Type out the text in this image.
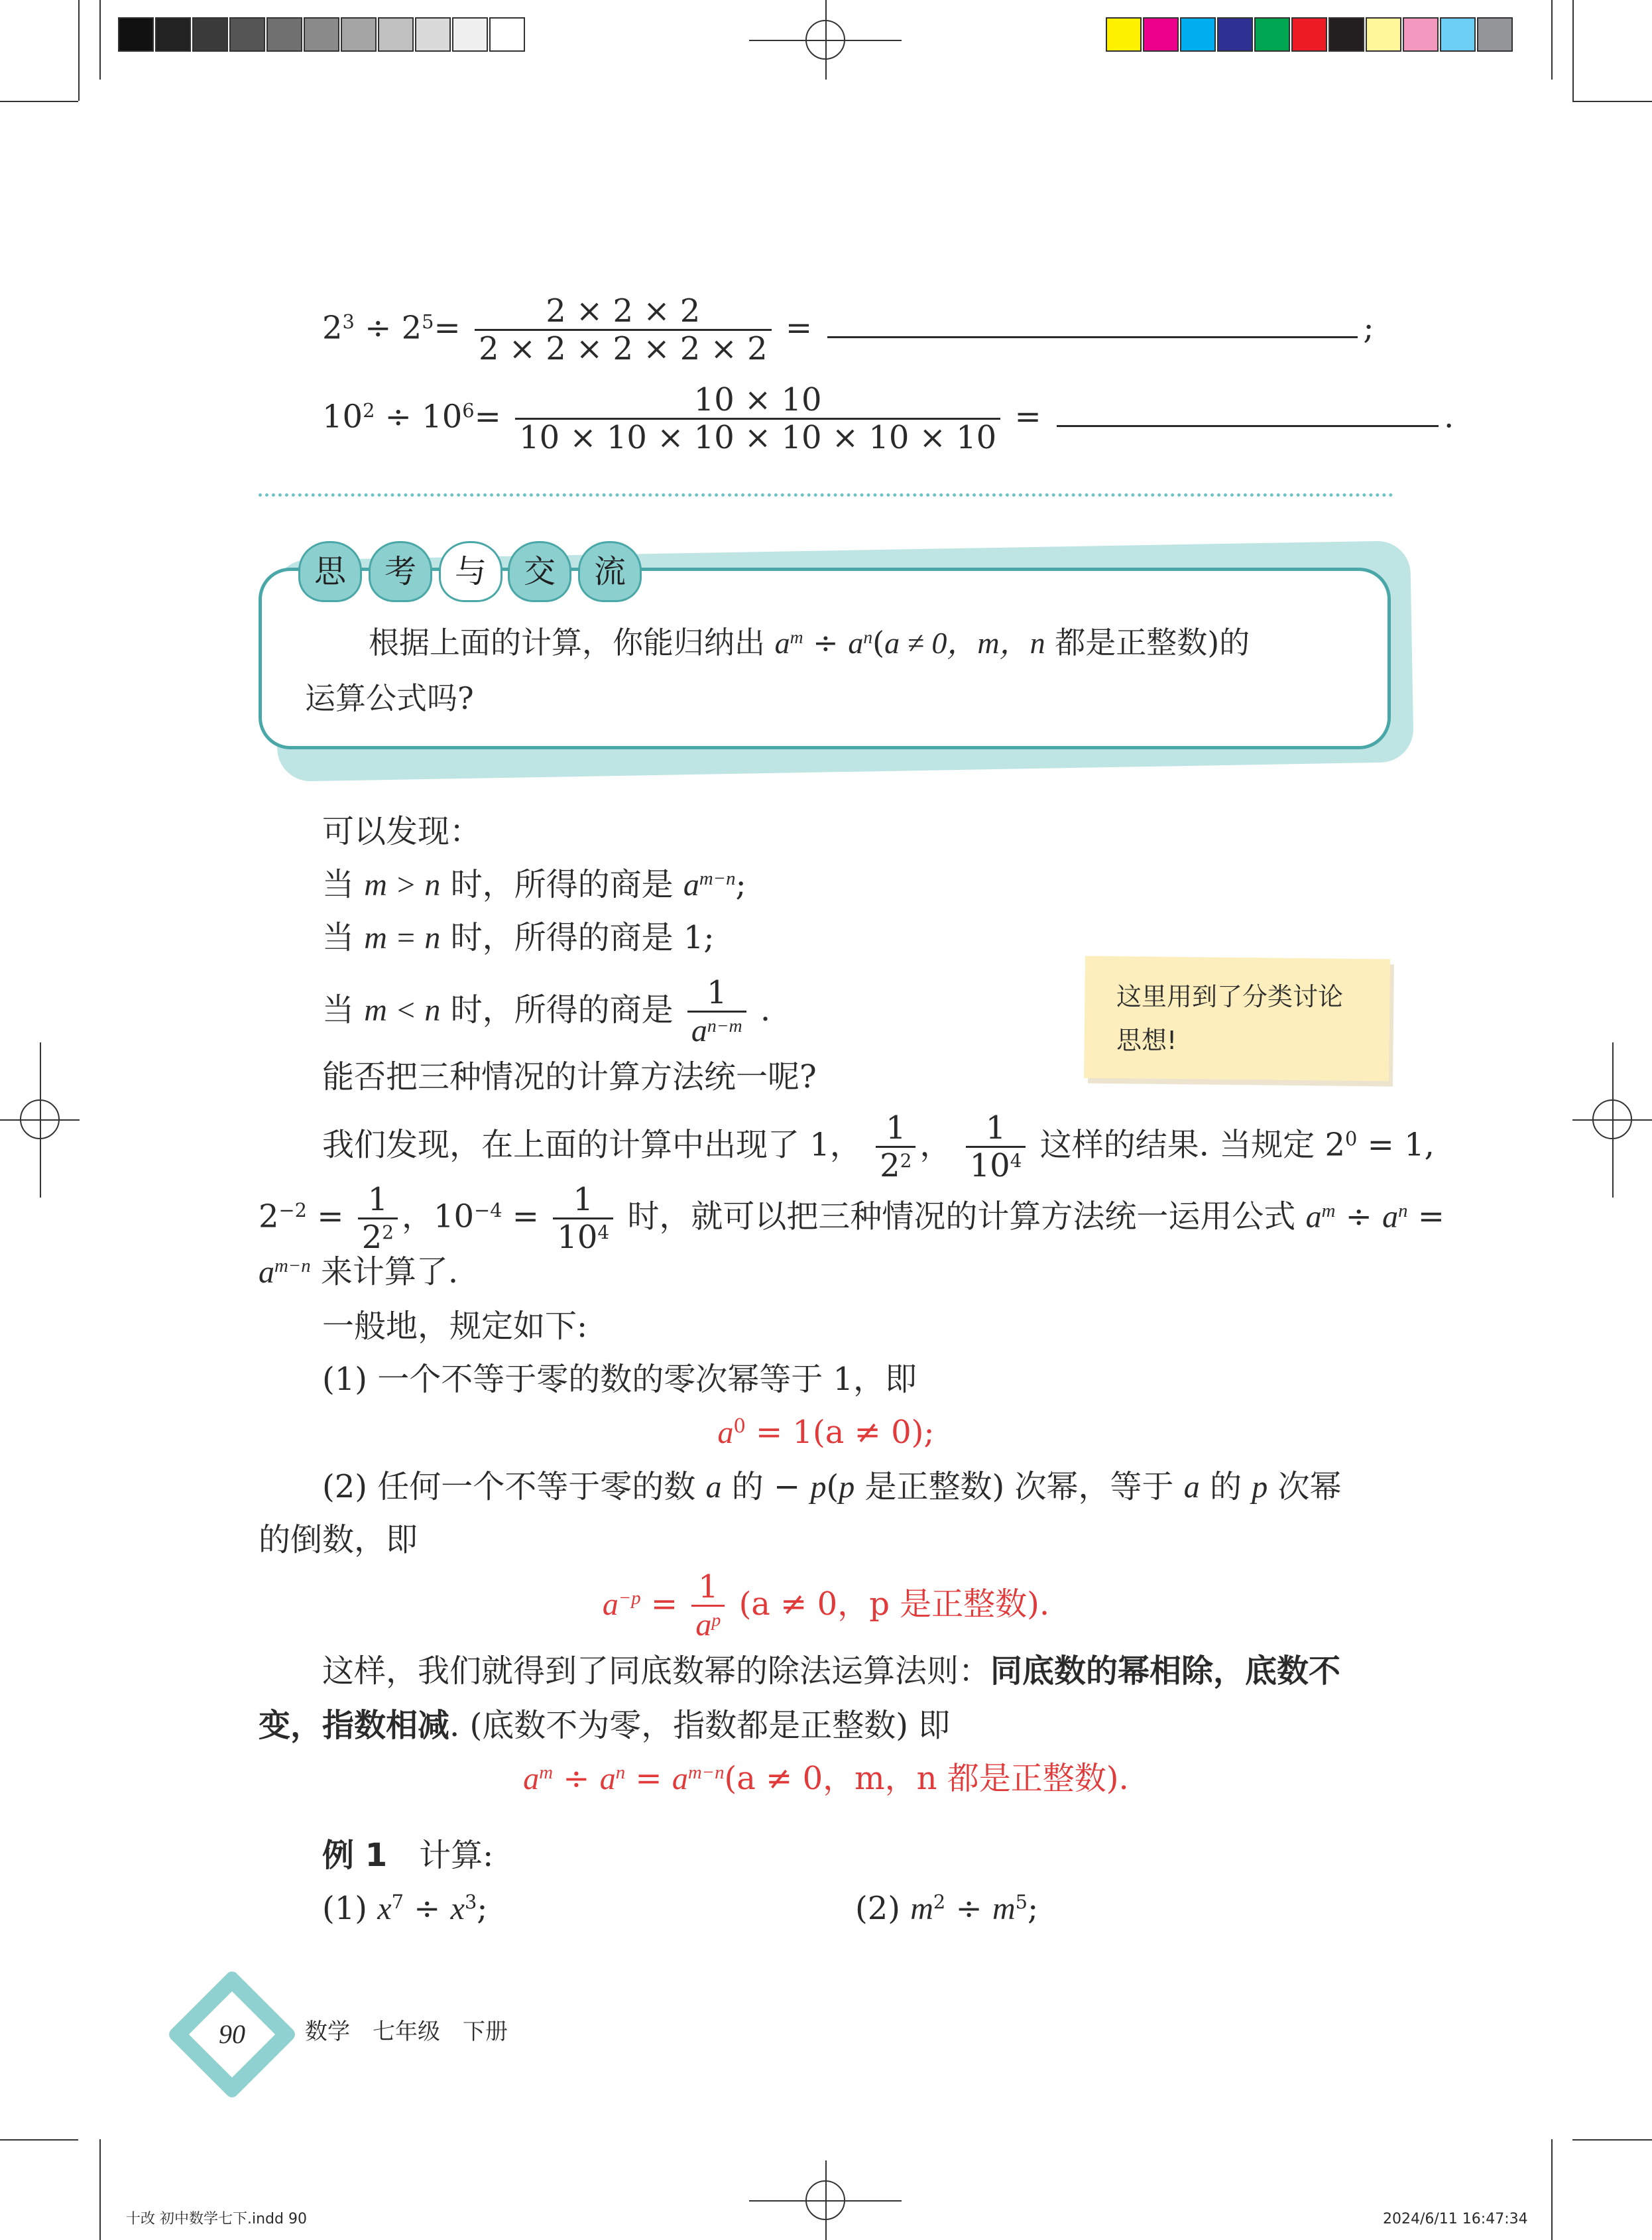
$2^3 \div 2^5= \frac{2 \times 2 \times 2}{2 \times 2 \times 2 \times 2 \times 2}$ =	;
$10^2 \div 10^6= \frac{10 \times 10}{10 \times 10 \times 10 \times 10 \times 10 \times 10}$ =	.
思	考	与	交	流
根据上面的计算，你能归纳出 $a^m \div a^n(a \ne 0$，m，n 都是正整数)的
运算公式吗?
可以发现：
当 m > n 时，所得的商是 $a^{m-n}$;
当 m = n 时，所得的商是 1;
当 m < n 时，所得的商是 $\frac{1}{a^{n-m}}$ .	这里用到了分类讨论
思想!
能否把三种情况的计算方法统一呢?
我们发现，在上面的计算中出现了 1， $\frac{1}{2^2}$ ， $\frac{1}{10^4}$ 这样的结果. 当规定 $2^0 = 1$,
$2^{-2} = \frac{1}{2^2}$ ，$10^{-4} = \frac{1}{10^4}$ 时，就可以把三种情况的计算方法统一运用公式 $a^m \div a^n$ =
$a^{m-n}$ 来计算了.
一般地，规定如下:
(1) 一个不等于零的数的零次幂等于 1，即
$a^0 = 1(a \ne 0)$;
(2) 任何一个不等于零的数 a 的 − p(p 是正整数) 次幂，等于 a 的 p 次幂
的倒数，即
$a^{-p} = \frac{1}{a^p} (a \ne 0$，p 是正整数).
这样，我们就得到了同底数幂的除法运算法则：同底数的幂相除，底数不
变，指数相减. (底数不为零，指数都是正整数) 即
$a^m \div a^n = a^{m-n}(a \ne 0$，m，n 都是正整数).
例 1　 计算:
(1) $x^7 \div x^3$;	(2) $m^2 \div m^5$;
90	数学　七年级　下册
十改 初中数学七下.indd 90	2024/6/11 16:47:34
